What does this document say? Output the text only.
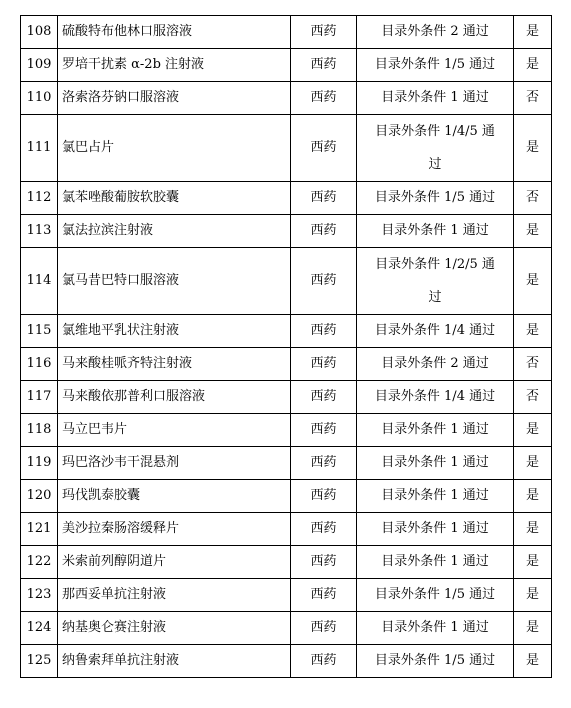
108	硫酸特布他林口服溶液	西药	目录外条件 2 通过	是
109	罗培干扰素 α-2b 注射液	西药	目录外条件 1/5 通过	是
110	洛索洛芬钠口服溶液	西药	目录外条件 1 通过	否
111	氯巴占片	西药	目录外条件 1/4/5 通过	是
112	氯苯唑酸葡胺软胶囊	西药	目录外条件 1/5 通过	否
113	氯法拉滨注射液	西药	目录外条件 1 通过	是
114	氯马昔巴特口服溶液	西药	目录外条件 1/2/5 通过	是
115	氯维地平乳状注射液	西药	目录外条件 1/4 通过	是
116	马来酸桂哌齐特注射液	西药	目录外条件 2 通过	否
117	马来酸依那普利口服溶液	西药	目录外条件 1/4 通过	否
118	马立巴韦片	西药	目录外条件 1 通过	是
119	玛巴洛沙韦干混悬剂	西药	目录外条件 1 通过	是
120	玛伐凯泰胶囊	西药	目录外条件 1 通过	是
121	美沙拉秦肠溶缓释片	西药	目录外条件 1 通过	是
122	米索前列醇阴道片	西药	目录外条件 1 通过	是
123	那西妥单抗注射液	西药	目录外条件 1/5 通过	是
124	纳基奥仑赛注射液	西药	目录外条件 1 通过	是
125	纳鲁索拜单抗注射液	西药	目录外条件 1/5 通过	是
